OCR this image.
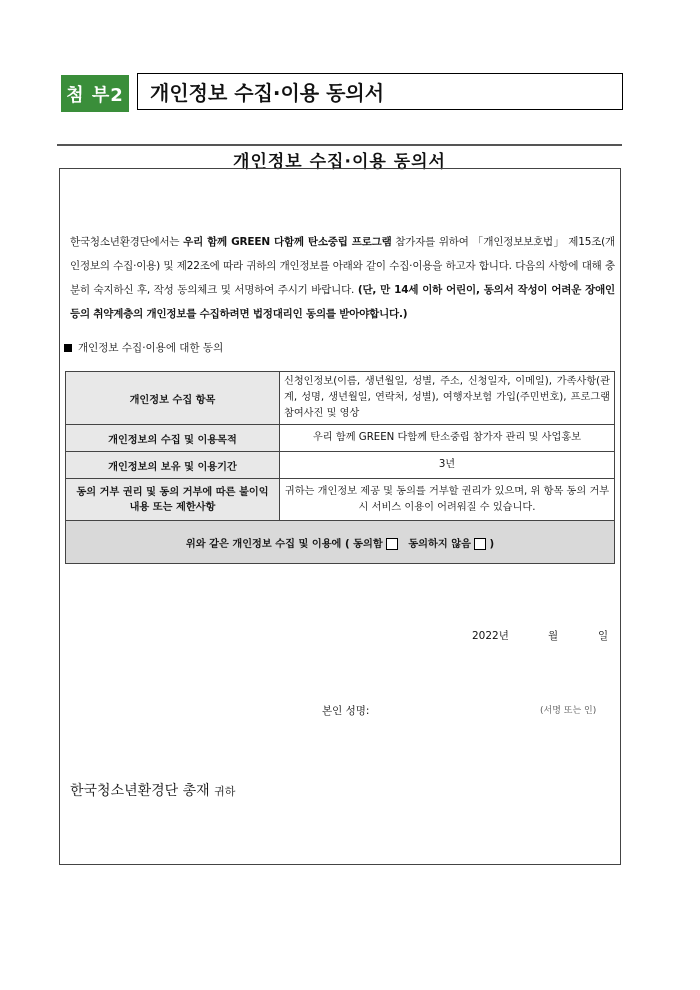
첨 부2	개인정보 수집·이용 동의서
개인정보 수집·이용 동의서
한국청소년환경단에서는 우리 함께 GREEN 다함께 탄소중립 프로그램 참가자를 위하여 「개인정보보호법」 제15조(개인정보의 수집·이용) 및 제22조에 따라 귀하의 개인정보를 아래와 같이 수집·이용을 하고자 합니다. 다음의 사항에 대해 충분히 숙지하신 후, 작성 동의체크 및 서명하여 주시기 바랍니다. (단, 만 14세 이하 어린이, 동의서 작성이 어려운 장애인 등의 취약계층의 개인정보를 수집하려면 법정대리인 동의를 받아야합니다.)
개인정보 수집·이용에 대한 동의
개인정보 수집 항목	신청인정보(이름, 생년월일, 성별, 주소, 신청일자, 이메일), 가족사항(관계, 성명, 생년월일, 연락처, 성별), 여행자보험 가입(주민번호), 프로그램 참여사진 및 영상
개인정보의 수집 및 이용목적	우리 함께 GREEN 다함께 탄소중립 참가자 관리 및 사업홍보
개인정보의 보유 및 이용기간	3년
동의 거부 권리 및 동의 거부에 따른 불이익 내용 또는 제한사항	귀하는 개인정보 제공 및 동의를 거부할 권리가 있으며, 위 항목 동의 거부 시 서비스 이용이 어려워질 수 있습니다.
위와 같은 개인정보 수집 및 이용에 ( 동의함 동의하지 않음 )	
2022년	월	일
본인 성명:	(서명 또는 인)
한국청소년환경단 총재 귀하
